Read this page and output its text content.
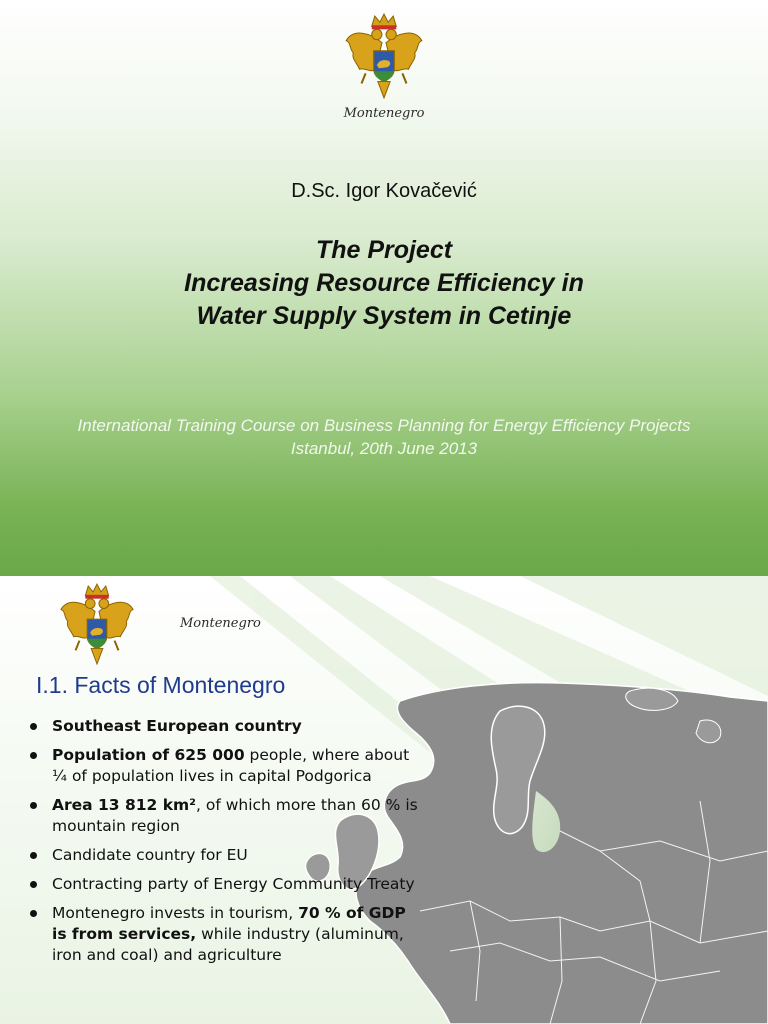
Montenegro
D.Sc. Igor Kovačević
The Project
Increasing Resource Efficiency in
Water Supply System in Cetinje
International Training Course on Business Planning for Energy Efficiency Projects
Istanbul, 20th June 2013
Montenegro
I.1. Facts of Montenegro
Southeast European country
Population of 625 000 people, where about ¼ of population lives in capital Podgorica
Area 13 812 km², of which more than 60 % is mountain region
Candidate country for EU
Contracting party of Energy Community Treaty
Montenegro invests in tourism, 70 % of GDP is from services, while industry (aluminum, iron and coal) and agriculture
